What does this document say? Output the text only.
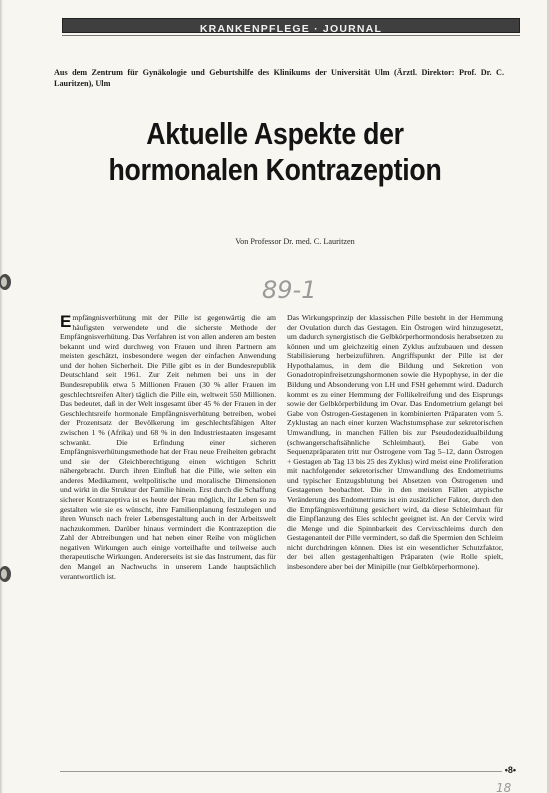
KRANKENPFLEGE · JOURNAL
Aus dem Zentrum für Gynäkologie und Geburtshilfe des Klinikums der Universität Ulm (Ärztl. Direktor: Prof. Dr. C. Lauritzen), Ulm
Aktuelle Aspekte der
hormonalen Kontrazeption
Von Professor Dr. med. C. Lauritzen
89-1
E mpfängnisverhütung mit der Pille ist gegenwärtig die am häufigsten verwendete und die sicherste Methode der Empfängnisverhütung. Das Verfahren ist von allen anderen am besten bekannt und wird durchweg von Frauen und ihren Partnern am meisten geschätzt, insbesondere wegen der einfachen Anwendung und der hohen Sicherheit. Die Pille gibt es in der Bundesrepublik Deutschland seit 1961. Zur Zeit nehmen bei uns in der Bundesrepublik etwa 5 Millionen Frauen (30 % aller Frauen im geschlechtsreifen Alter) täglich die Pille ein, weltweit 550 Millionen. Das bedeutet, daß in der Welt insgesamt über 45 % der Frauen in der Geschlechtsreife hormonale Empfängnisverhütung betreiben, wobei der Prozentsatz der Bevölkerung im geschlechtsfähigen Alter zwischen 1 % (Afrika) und 68 % in den Industriestaaten insgesamt schwankt. Die Erfindung einer sicheren Empfängnisverhütungsmethode hat der Frau neue Freiheiten gebracht und sie der Gleichberechtigung einen wichtigen Schritt nähergebracht. Durch ihren Einfluß hat die Pille, wie selten ein anderes Medikament, weltpolitische und moralische Dimensionen und wirkt in die Struktur der Familie hinein. Erst durch die Schaffung sicherer Kontrazeptiva ist es heute der Frau möglich, ihr Leben so zu gestalten wie sie es wünscht, ihre Familienplanung festzulegen und ihren Wunsch nach freier Lebensgestaltung auch in der Arbeitswelt nachzukommen. Darüber hinaus vermindert die Kontrazeption die Zahl der Abtreibungen und hat neben einer Reihe von möglichen negativen Wirkungen auch einige vorteilhafte und teilweise auch therapeutische Wirkungen. Andererseits ist sie das Instrument, das für den Mangel an Nachwuchs in unserem Lande hauptsächlich verantwortlich ist.

Das Wirkungsprinzip der klassischen Pille besteht in der Hemmung der Ovulation durch das Gestagen. Ein Östrogen wird hinzugesetzt, um dadurch synergistisch die Gelbkörperhormondosis herabsetzen zu können und um gleichzeitig einen Zyklus aufzubauen und dessen Stabilisierung herbeizuführen. Angriffspunkt der Pille ist der Hypothalamus, in dem die Bildung und Sekretion von Gonadotropinfreisetzungshormonen sowie die Hypophyse, in der die Bildung und Absonderung von LH und FSH gehemmt wird. Dadurch kommt es zu einer Hemmung der Follikelreifung und des Eisprungs sowie der Gelbkörperbildung im Ovar. Das Endometrium gelangt bei Gabe von Östrogen-Gestagenen in kombinierten Präparaten vom 5. Zyklustag an nach einer kurzen Wachstumsphase zur sekretorischen Umwandlung, in manchen Fällen bis zur Pseudodezidualbildung (schwangerschaftsähnliche Schleimhaut). Bei Gabe von Sequenzpräparaten tritt nur Östrogene vom Tag 5–12, dann Östrogen + Gestagen ab Tag 13 bis 25 des Zyklus) wird meist eine Proliferation mit nachfolgender sekretorischer Umwandlung des Endometriums und typischer Entzugsblutung bei Absetzen von Östrogenen und Gestagenen beobachtet. Die in den meisten Fällen atypische Veränderung des Endometriums ist ein zusätzlicher Faktor, durch den die Empfängnisverhütung gesichert wird, da diese Schleimhaut für die Einpflanzung des Eies schlecht geeignet ist. An der Cervix wird die Menge und die Spinnbarkeit des Cervixschleims durch den Gestagenanteil der Pille vermindert, so daß die Spermien den Schleim nicht durchdringen können. Dies ist ein wesentlicher Schutzfaktor, der bei allen gestagenhaltigen Präparaten (wie Rolle spielt, insbesondere aber bei der Minipille (nur Gelbkörperhormone).

•8•
18
